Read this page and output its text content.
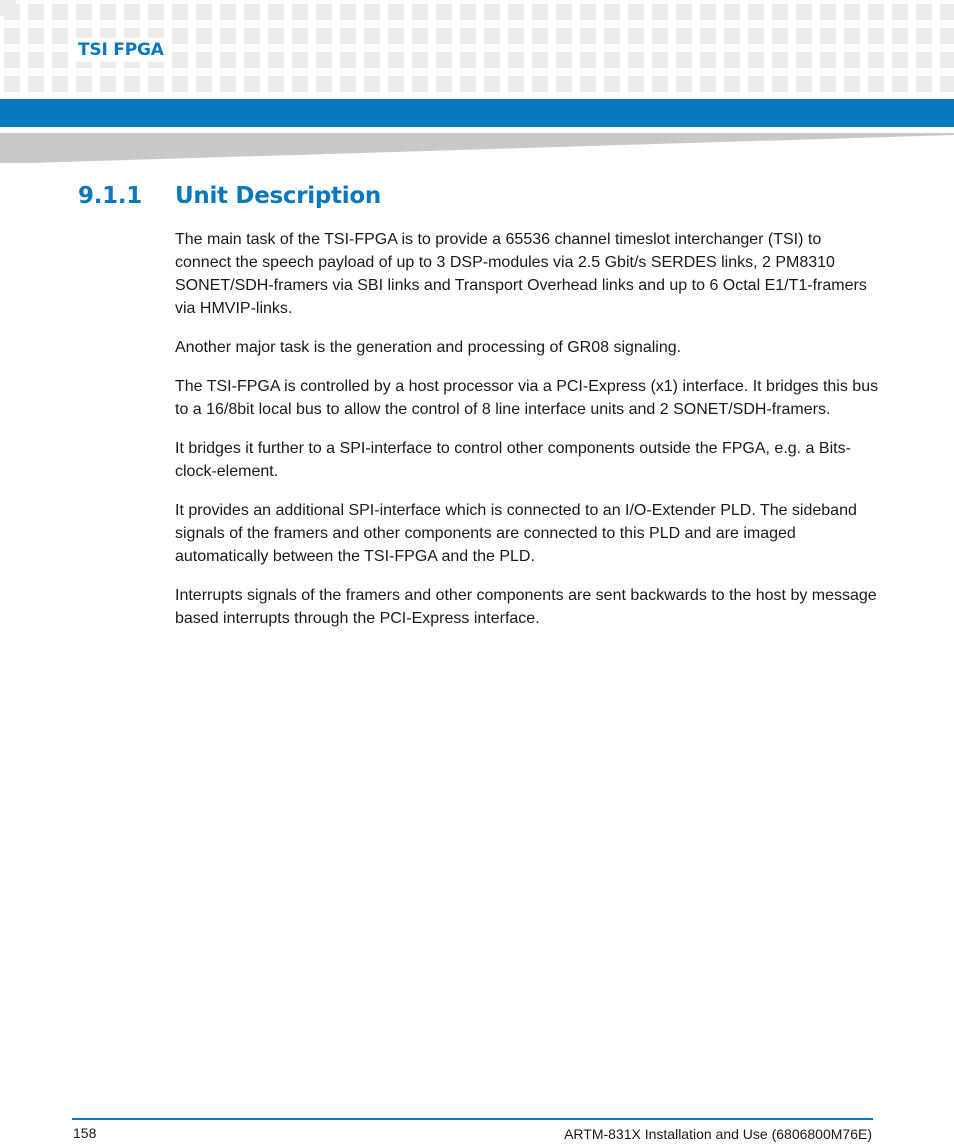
TSI FPGA
9.1.1 Unit Description

The main task of the TSI-FPGA is to provide a 65536 channel timeslot interchanger (TSI) to connect the speech payload of up to 3 DSP-modules via 2.5 Gbit/s SERDES links, 2 PM8310 SONET/SDH-framers via SBI links and Transport Overhead links and up to 6 Octal E1/T1-framers via HMVIP-links.

Another major task is the generation and processing of GR08 signaling.

The TSI-FPGA is controlled by a host processor via a PCI-Express (x1) interface. It bridges this bus to a 16/8bit local bus to allow the control of 8 line interface units and 2 SONET/SDH-framers.

It bridges it further to a SPI-interface to control other components outside the FPGA, e.g. a Bits-clock-element.

It provides an additional SPI-interface which is connected to an I/O-Extender PLD. The sideband signals of the framers and other components are connected to this PLD and are imaged automatically between the TSI-FPGA and the PLD.

Interrupts signals of the framers and other components are sent backwards to the host by message based interrupts through the PCI-Express interface.

158	ARTM-831X Installation and Use (6806800M76E)
